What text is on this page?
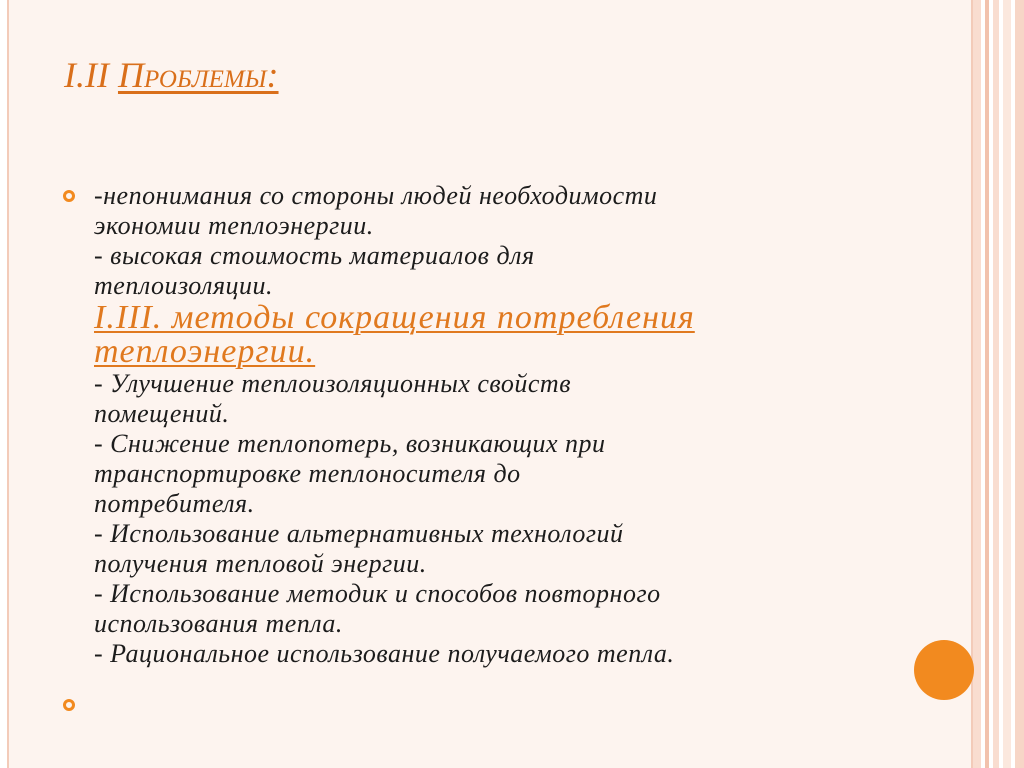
I.II Проблемы:
-непонимания со стороны людей необходимости
экономии теплоэнергии.
- высокая стоимость материалов для
теплоизоляции.
I.III. методы сокращения потребления
теплоэнергии.
- Улучшение теплоизоляционных свойств
помещений.
- Снижение теплопотерь, возникающих при
транспортировке теплоносителя до
потребителя.
- Использование альтернативных технологий
получения тепловой энергии.
- Использование методик и способов повторного
использования тепла.
- Рациональное использование получаемого тепла.
